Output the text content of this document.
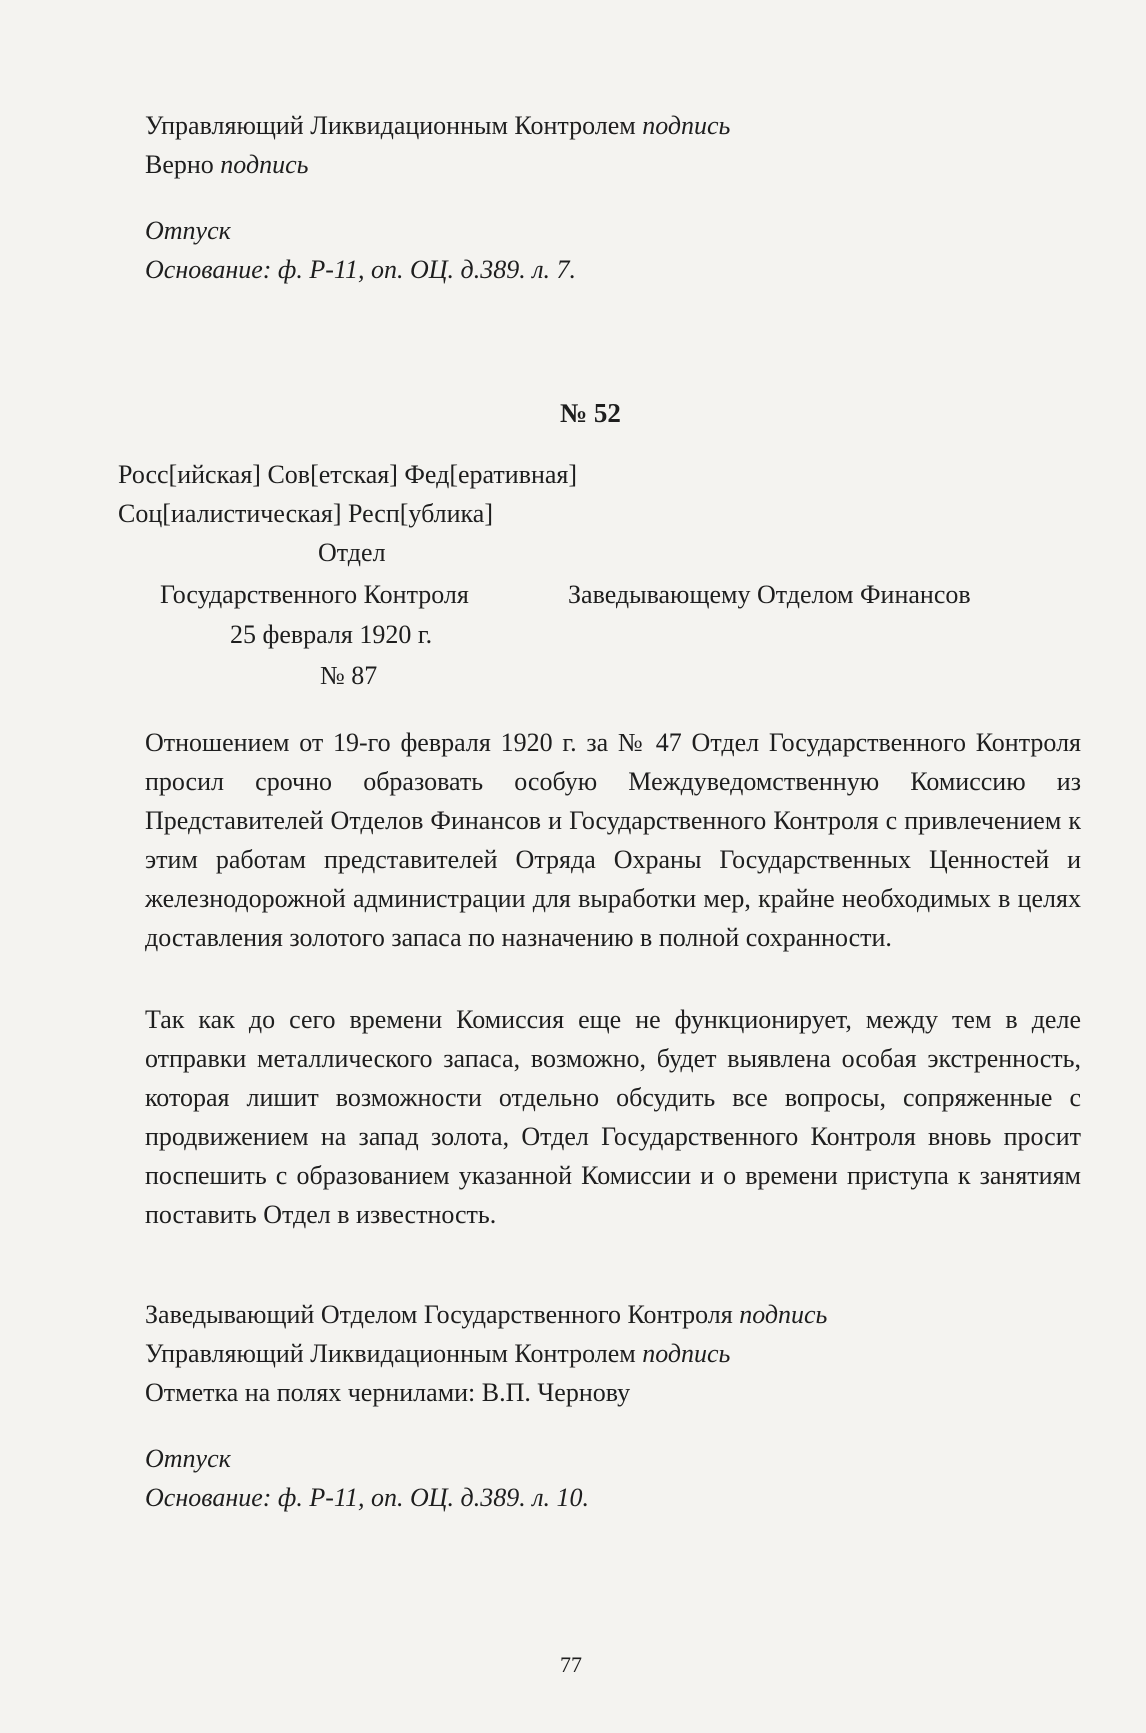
Управляющий Ликвидационным Контролем подпись
Верно подпись
Отпуск
Основание: ф. Р-11, оп. ОЦ. д.389. л. 7.
№ 52
Росс[ийская] Сов[етская] Фед[еративная]
Соц[иалистическая] Респ[ублика]
Отдел
Государственного Контроля	Заведывающему Отделом Финансов
25 февраля 1920 г.
№ 87

Отношением от 19-го февраля 1920 г. за № 47 Отдел Государственного Контроля просил срочно образовать особую Междуведомственную Комиссию из Представителей Отделов Финансов и Государственного Контроля с привлечением к этим работам представителей Отряда Охраны Государственных Ценностей и железнодорожной администрации для выработки мер, крайне необходимых в целях доставления золотого запаса по назначению в полной сохранности.

Так как до сего времени Комиссия еще не функционирует, между тем в деле отправки металлического запаса, возможно, будет выявлена особая экстренность, которая лишит возможности отдельно обсудить все вопросы, сопряженные с продвижением на запад золота, Отдел Государственного Контроля вновь просит поспешить с образованием указанной Комиссии и о времени приступа к занятиям поставить Отдел в известность.

Заведывающий Отделом Государственного Контроля подпись
Управляющий Ликвидационным Контролем подпись
Отметка на полях чернилами: В.П. Чернову
Отпуск
Основание: ф. Р-11, оп. ОЦ. д.389. л. 10.
77
